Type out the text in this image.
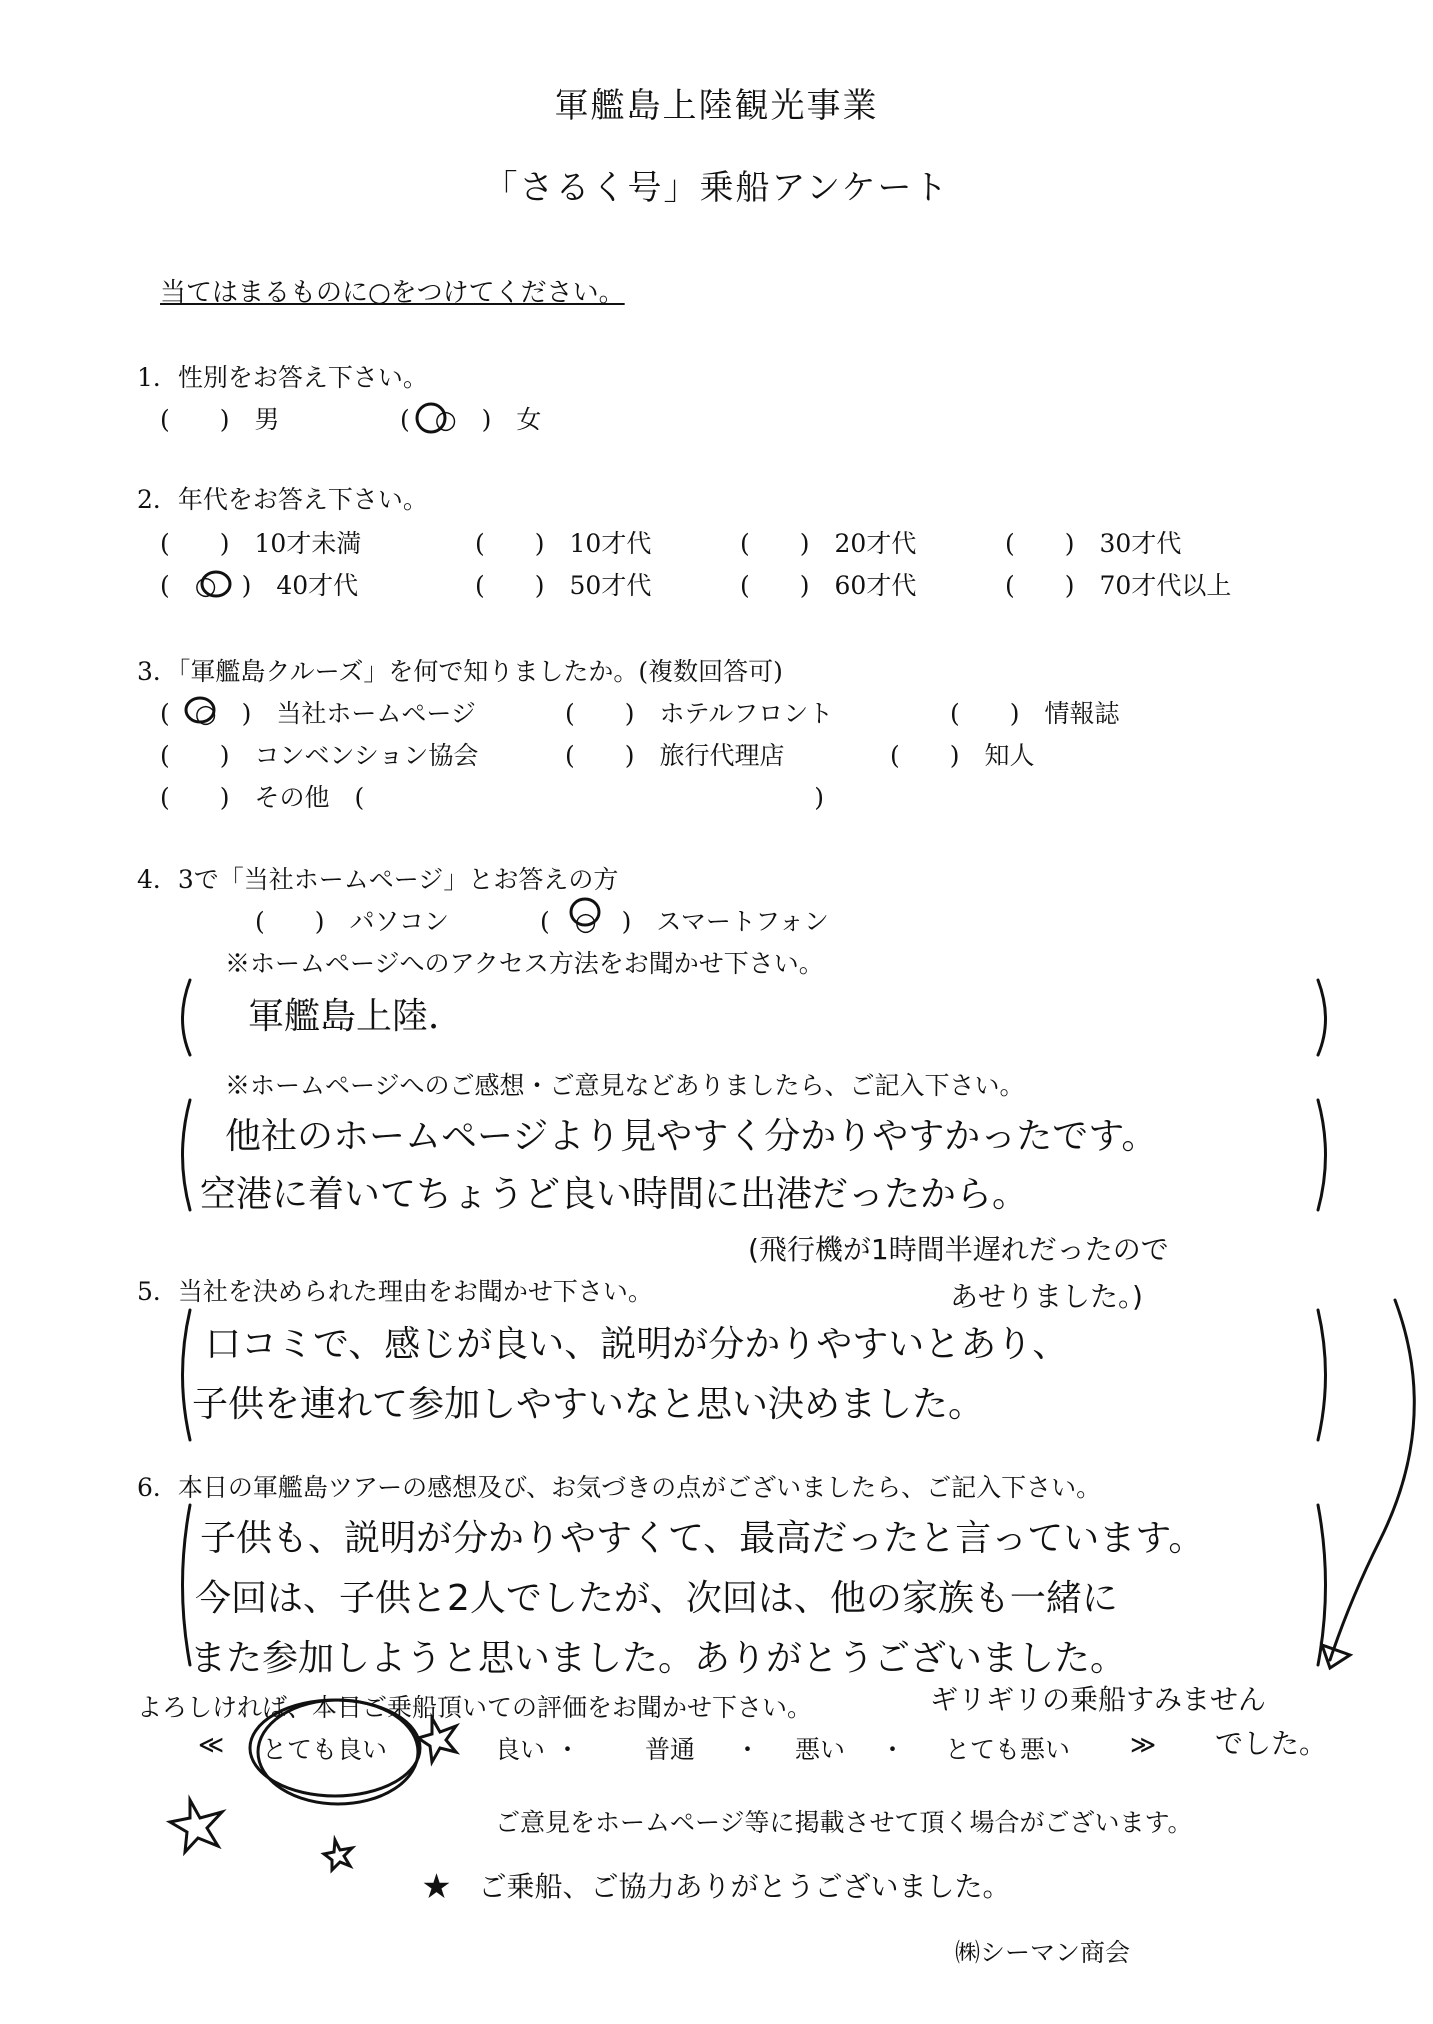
軍艦島上陸観光事業
「さるく号」乗船アンケート
当てはまるものに○をつけてください。
1．性別をお答え下さい。
(　　)　 男	(　○　)　 女
2．年代をお答え下さい。
(　　)　 10才未満	(　　)　 10才代	(　　)　 20才代	(　　)　 30才代
(　○　)　 40才代	(　　)　 50才代	(　　)　 60才代	(　　)　 70才代以上
3．「軍艦島クルーズ」を何で知りましたか。(複数回答可)
(　○　)　 当社ホームページ	(　　)　 ホテルフロント	(　　)　 情報誌
(　　)　 コンベンション協会	(　　)　 旅行代理店	(　　)　 知人
(　　)　 その他　(　　　　　　　　　　　　　　　　　　)
4．3で「当社ホームページ」とお答えの方
(　　)　 パソコン	(　○　)　 スマートフォン
※ホームページへのアクセス方法をお聞かせ下さい。
軍艦島上陸．
※ホームページへのご感想・ご意見などありましたら、ご記入下さい。
他社のホームページより見やすく分かりやすかったです。
空港に着いてちょうど良い時間に出港だったから。
(飛行機が1時間半遅れだったので
あせりました。)
5．当社を決められた理由をお聞かせ下さい。
口コミで、感じが良い、説明が分かりやすいとあり、
子供を連れて参加しやすいなと思い決めました。
6．本日の軍艦島ツアーの感想及び、お気づきの点がございましたら、ご記入下さい。
子供も、説明が分かりやすくて、最高だったと言っています。
今回は、子供と2人でしたが、次回は、他の家族も一緒に
また参加しようと思いました。ありがとうございました。
よろしければ、本日ご乗船頂いての評価をお聞かせ下さい。	ギリギリの乗船すみません
でした。
≪ とても良い	良い ・	普通 ・ 悪い ・ とても悪い ≫
ご意見をホームページ等に掲載させて頂く場合がございます。
★　ご乗船、ご協力ありがとうございました。
㈱シーマン商会
